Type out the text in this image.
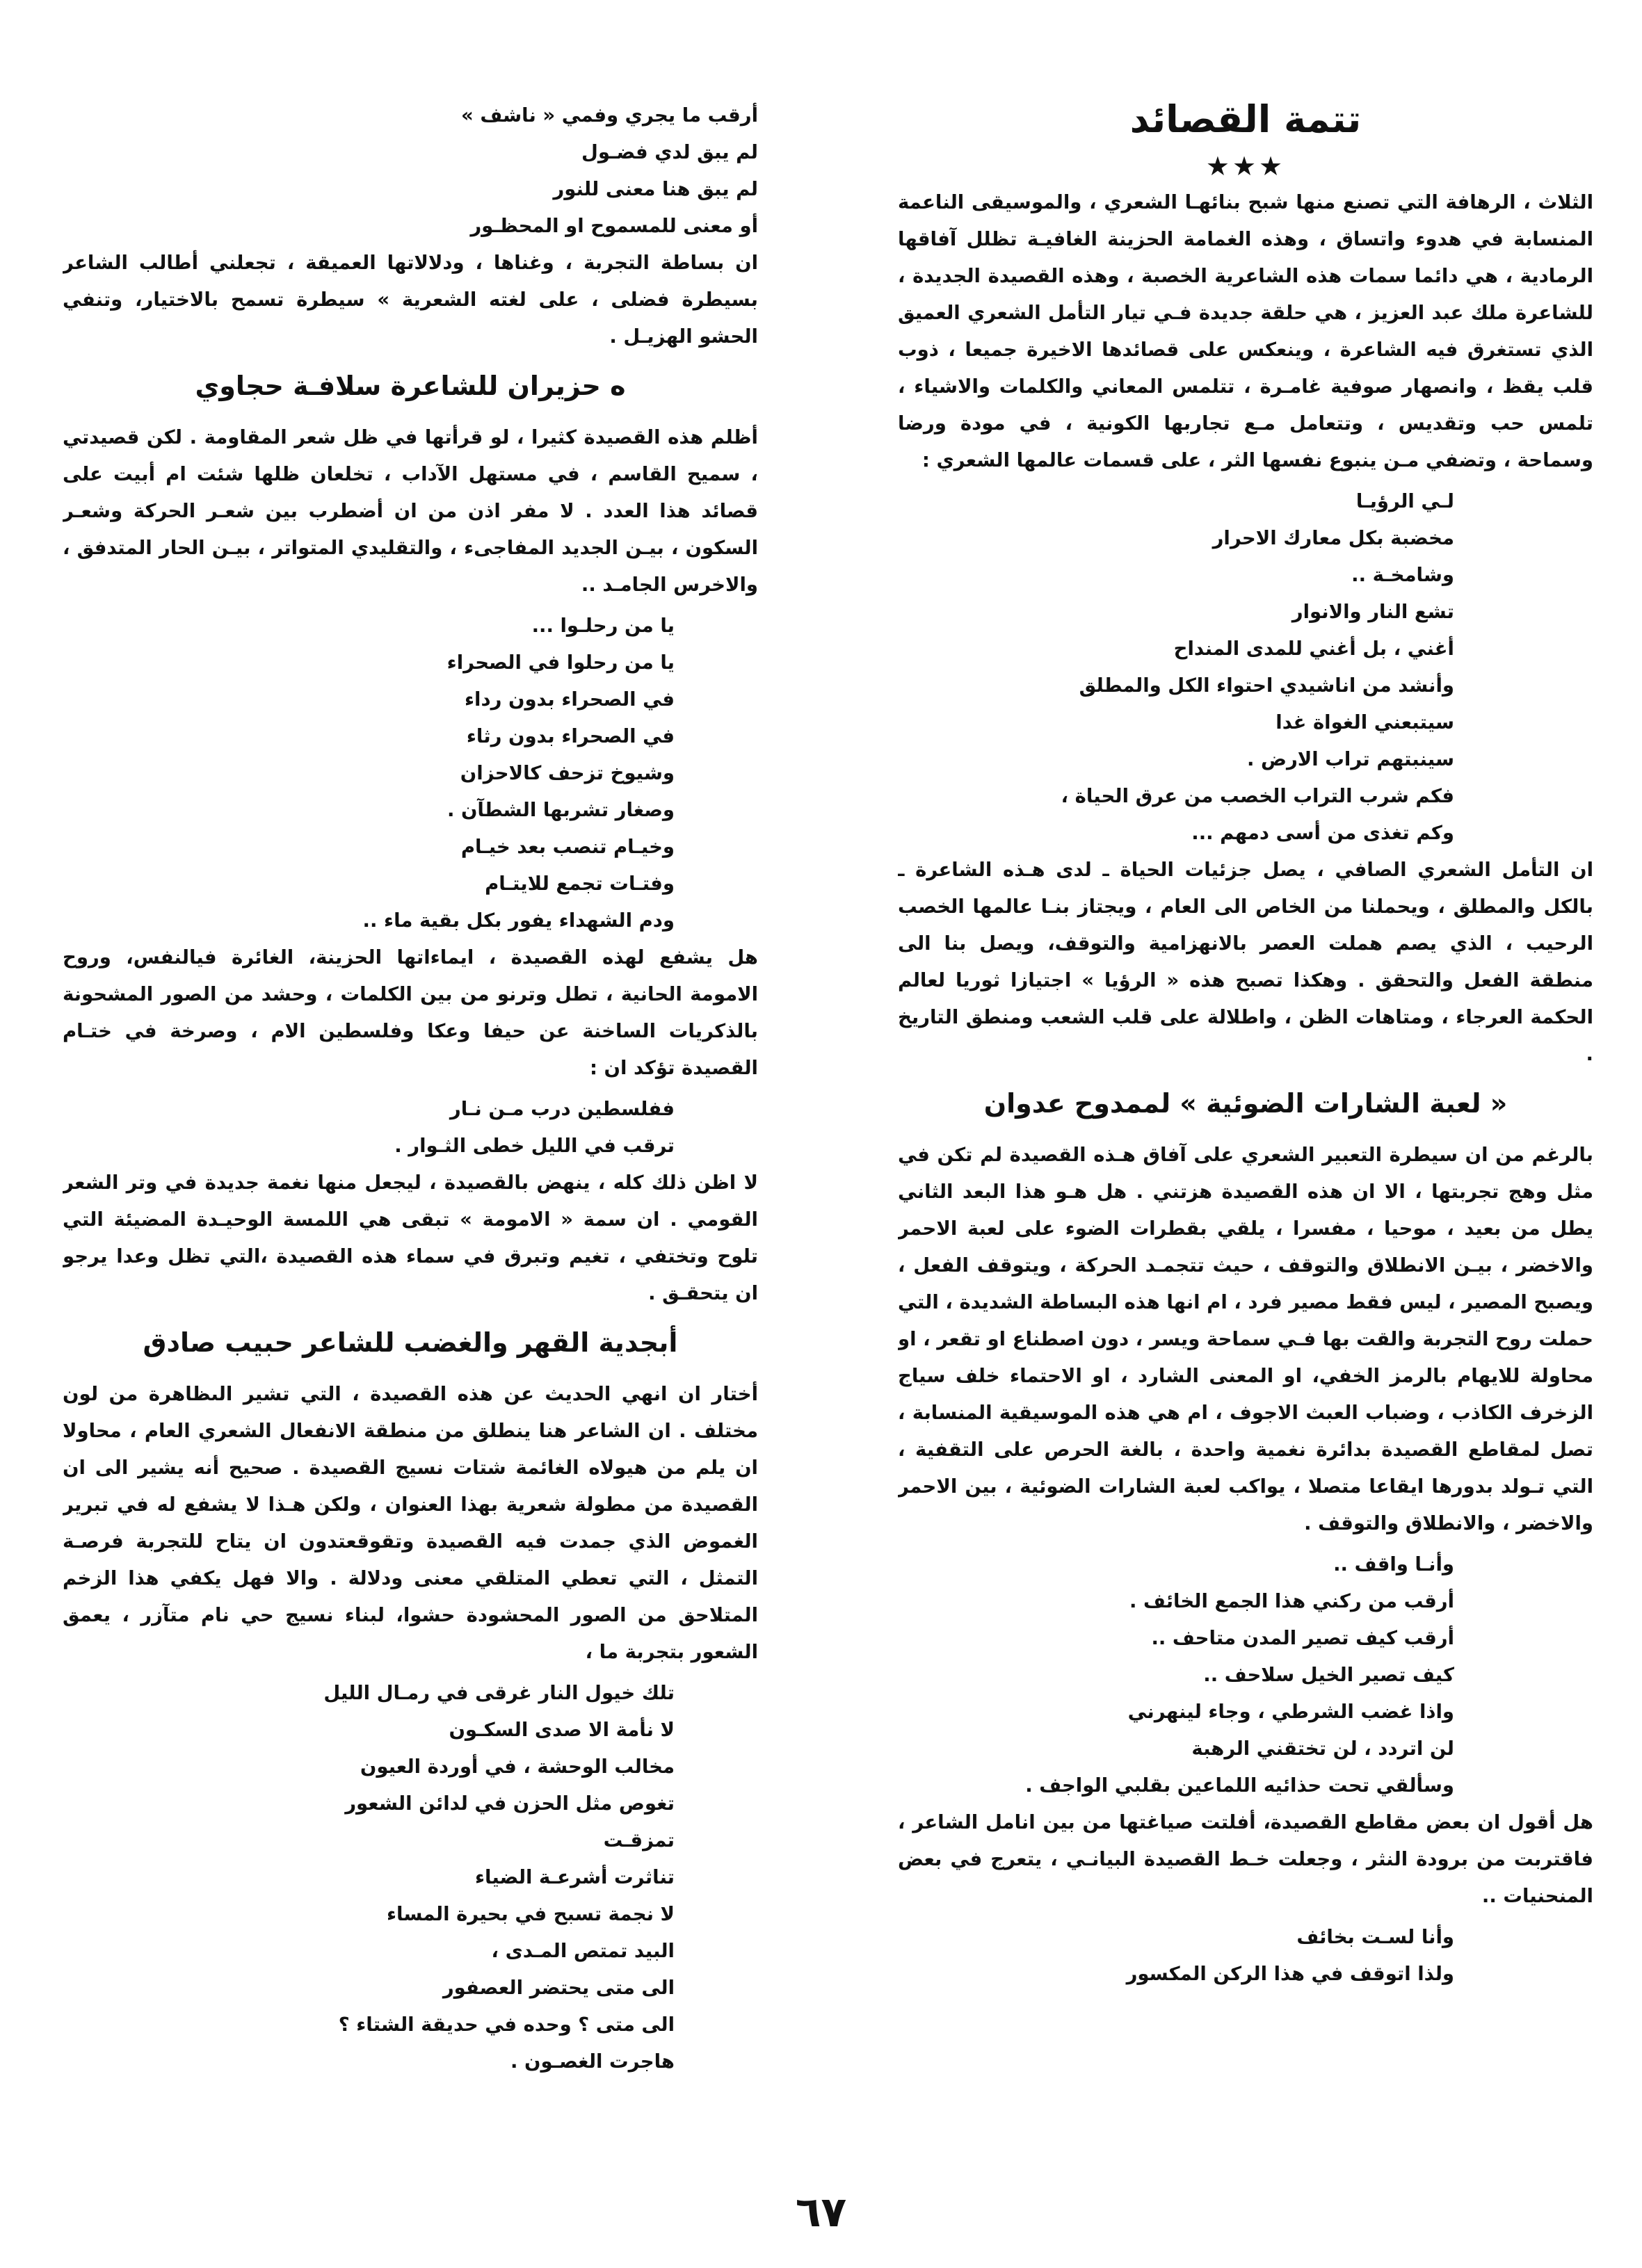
تتمة القصائد
★★★

الثلاث ، الرهافة التي تصنع منها شبح بنائهـا الشعري ، والموسيقى الناعمة المنسابة في هدوء واتساق ، وهذه الغمامة الحزينة الغافيـة تظلل آفاقها الرمادية ، هي دائما سمات هذه الشاعرية الخصبة ، وهذه القصيدة الجديدة ، للشاعرة ملك عبد العزيز ، هي حلقة جديدة فـي تيار التأمل الشعري العميق الذي تستغرق فيه الشاعرة ، وينعكس على قصائدها الاخيرة جميعا ، ذوب قلب يقظ ، وانصهار صوفية غامـرة ، تتلمس المعاني والكلمات والاشياء ، تلمس حب وتقديس ، وتتعامل مـع تجاربها الكونية ، في مودة ورضا وسماحة ، وتضفي مـن ينبوع نفسها الثر ، على قسمات عالمها الشعري :

لـي الرؤيـا
مخضبة بكل معارك الاحرار
وشامخـة ..
تشع النار والانوار
أغني ، بل أغني للمدى المنداح
وأنشد من اناشيدي احتواء الكل والمطلق
سيتبعني الغواة غدا
سينبتهم تراب الارض .
فكم شرب التراب الخصب من عرق الحياة ،
وكم تغذى من أسى دمهم ...

ان التأمل الشعري الصافي ، يصل جزئيات الحياة ـ لدى هـذه الشاعرة ـ بالكل والمطلق ، ويحملنا من الخاص الى العام ، ويجتاز بنـا عالمها الخصب الرحيب ، الذي يصم هملت العصر بالانهزامية والتوقف، ويصل بنا الى منطقة الفعل والتحقق . وهكذا تصبح هذه « الرؤيا » اجتيازا ثوريا لعالم الحكمة العرجاء ، ومتاهات الظن ، واطلالة على قلب الشعب ومنطق التاريخ .

« لعبة الشارات الضوئية » لممدوح عدوان

بالرغم من ان سيطرة التعبير الشعري على آفاق هـذه القصيدة لم تكن في مثل وهج تجربتها ، الا ان هذه القصيدة هزتني . هل هـو هذا البعد الثاني يطل من بعيد ، موحيا ، مفسرا ، يلقي بقطرات الضوء على لعبة الاحمر والاخضر ، بيـن الانطلاق والتوقف ، حيث تتجمـد الحركة ، ويتوقف الفعل ، ويصبح المصير ، ليس فقط مصير فرد ، ام انها هذه البساطة الشديدة ، التي حملت روح التجربة والقت بها فـي سماحة ويسر ، دون اصطناع او تقعر ، او محاولة للايهام بالرمز الخفي، او المعنى الشارد ، او الاحتماء خلف سياج الزخرف الكاذب ، وضباب العبث الاجوف ، ام هي هذه الموسيقية المنسابة ، تصل لمقاطع القصيدة بدائرة نغمية واحدة ، بالغة الحرص على التقفية ، التي تـولد بدورها ايقاعا متصلا ، يواكب لعبة الشارات الضوئية ، بين الاحمر والاخضر ، والانطلاق والتوقف .

وأنـا واقف ..
أرقب من ركني هذا الجمع الخائف .
أرقب كيف تصير المدن متاحف ..
كيف تصير الخيل سلاحف ..
واذا غضب الشرطي ، وجاء لينهرني
لن اتردد ، لن تختقني الرهبة
وسألقي تحت حذائيه اللماعين بقلبي الواجف .

هل أقول ان بعض مقاطع القصيدة، أفلتت صياغتها من بين انامل الشاعر ، فاقتربت من برودة النثر ، وجعلت خـط القصيدة البيانـي ، يتعرج في بعض المنحنيات ..

وأنا لسـت بخائف
ولذا اتوقف في هذا الركن المكسور
أرقب ما يجري وفمي « ناشف »
لم يبق لدي فضـول
لم يبق هنا معنى للنور
أو معنى للمسموح او المحظـور

ان بساطة التجربة ، وغناها ، ودلالاتها العميقة ، تجعلني أطالب الشاعر بسيطرة فضلى ، على لغته الشعرية » سيطرة تسمح بالاختيار، وتنفي الحشو الهزيـل .

ه حزيران للشاعرة سلافـة حجاوي

أظلم هذه القصيدة كثيرا ، لو قرأتها في ظل شعر المقاومة . لكن قصيدتي ، سميح القاسم ، في مستهل الآداب ، تخلعان ظلها شئت ام أبيت على قصائد هذا العدد . لا مفر اذن من ان أضطرب بين شعـر الحركة وشعـر السكون ، بيـن الجديد المفاجىء ، والتقليدي المتواتر ، بيـن الحار المتدفق ، والاخرس الجامـد ..

يا من رحلـوا ...
يا من رحلوا في الصحراء
في الصحراء بدون رداء
في الصحراء بدون رثاء
وشيوخ تزحف كالاحزان
وصغار تشربها الشطآن .
وخيـام تنصب بعد خيـام
وفتـات تجمع للايتـام
ودم الشهداء يفور بكل بقية ماء ..

هل يشفع لهذه القصيدة ، ايماءاتها الحزينة، الغائرة فيالنفس، وروح الامومة الحانية ، تطل وترنو من بين الكلمات ، وحشد من الصور المشحونة بالذكريات الساخنة عن حيفا وعكا وفلسطين الام ، وصرخة في ختـام القصيدة تؤكد ان :

ففلسطين درب مـن نـار
ترقب في الليل خطى الثـوار .

لا اظن ذلك كله ، ينهض بالقصيدة ، ليجعل منها نغمة جديدة في وتر الشعر القومي . ان سمة « الامومة » تبقى هي اللمسة الوحيـدة المضيئة التي تلوح وتختفي ، تغيم وتبرق في سماء هذه القصيدة ،التي تظل وعدا يرجو ان يتحقـق .

أبجدية القهر والغضب للشاعر حبيب صادق

أختار ان انهي الحديث عن هذه القصيدة ، التي تشير الىظاهرة من لون مختلف . ان الشاعر هنا ينطلق من منطقة الانفعال الشعري العام ، محاولا ان يلم من هيولاه الغائمة شتات نسيج القصيدة . صحيح أنه يشير الى ان القصيدة من مطولة شعرية بهذا العنوان ، ولكن هـذا لا يشفع له في تبرير الغموض الذي جمدت فيه القصيدة وتقوقعتدون ان يتاح للتجربة فرصـة التمثل ، التي تعطي المتلقي معنى ودلالة . والا فهل يكفي هذا الزخم المتلاحق من الصور المحشودة حشوا، لبناء نسيج حي نام متآزر ، يعمق الشعور بتجربة ما ،

تلك خيول النار غرقى في رمـال الليل
لا نأمة الا صدى السكـون
مخالب الوحشة ، في أوردة العيون
تغوص مثل الحزن في لدائن الشعور
تمزقـت
تناثرت أشرعـة الضياء
لا نجمة تسبح في بحيرة المساء
البيد تمتص المـدى ،
الى متى يحتضر العصفور
الى متى ؟ وحده في حديقة الشتاء ؟
هاجرت الغصـون .
٦٧
